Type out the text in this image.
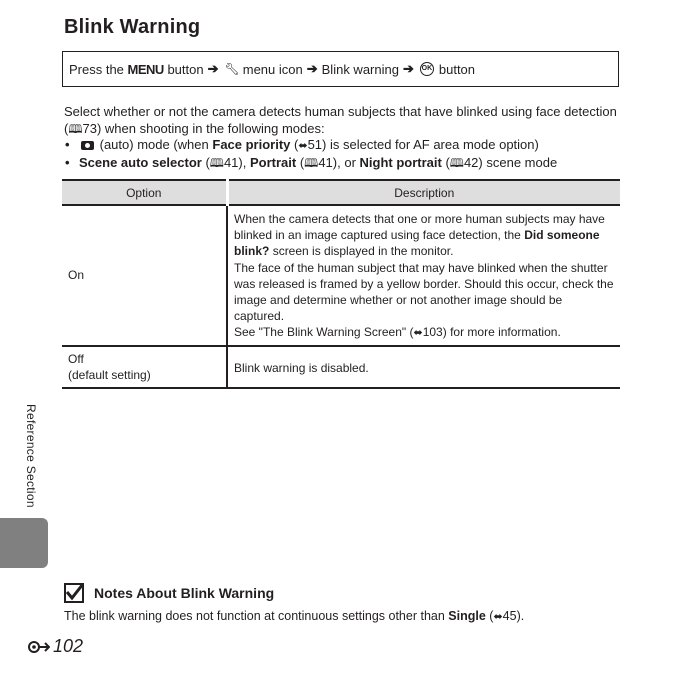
Blink Warning
Press the
MENU
button ➔ 🔧︎ menu icon ➔ Blink warning ➔ OK button

Select whether or not the camera detects human subjects that have blinked using face detection (🕮︎73) when shooting in the following modes:

• (auto) mode (when Face priority (⬌51) is selected for AF area mode option)
• Scene auto selector (🕮︎41), Portrait (🕮︎41), or Night portrait (🕮︎42) scene mode
Option	Description
On	When the camera detects that one or more human subjects may have blinked in an image captured using face detection, the Did someone blink? screen is displayed in the monitor.
The face of the human subject that may have blinked when the shutter was released is framed by a yellow border. Should this occur, check the image and determine whether or not another image should be captured.
See "The Blink Warning Screen" (⬌103) for more information.

Off
(default setting)	Blink warning is disabled.
Reference Section
Notes About Blink Warning
The blink warning does not function at continuous settings other than Single (⬌45).
102
